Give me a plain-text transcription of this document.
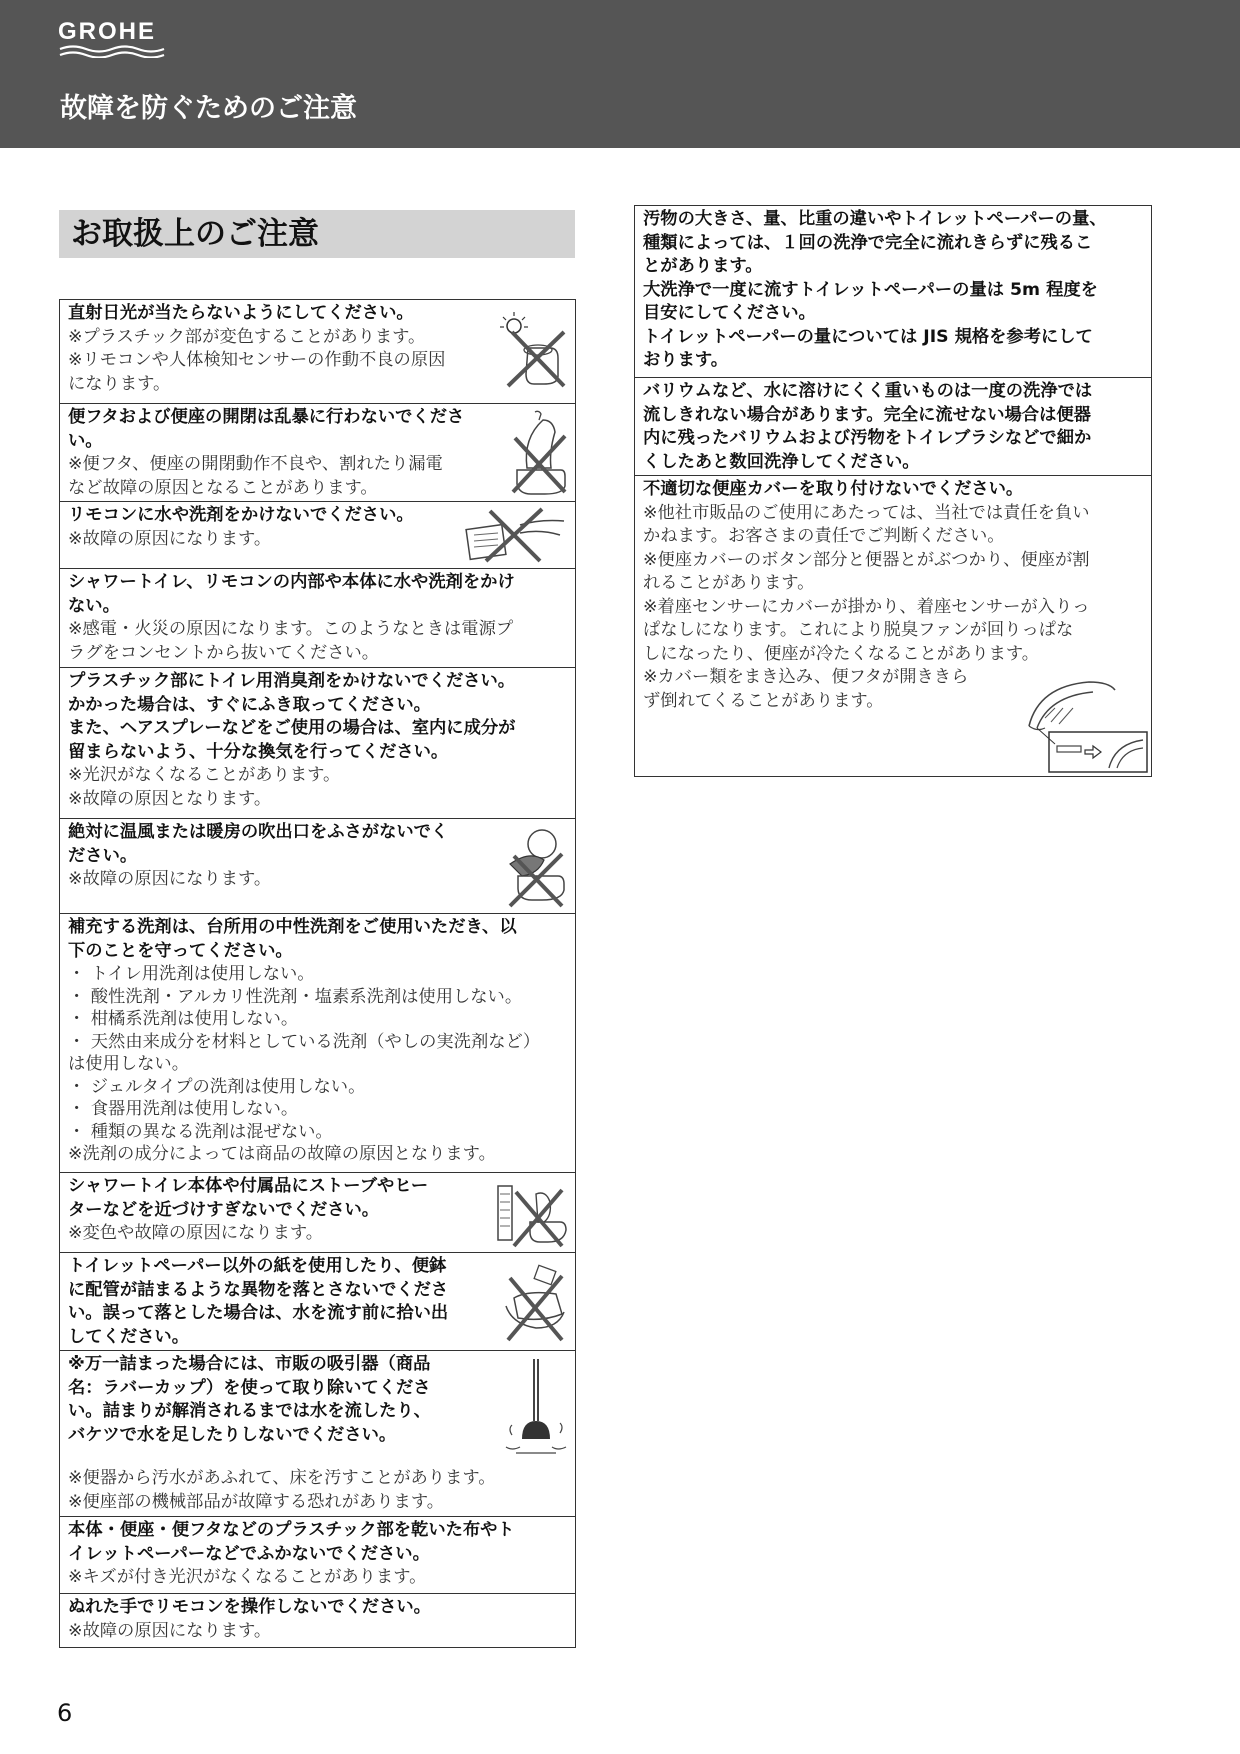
GROHE
故障を防ぐためのご注意
お取扱上のご注意
直射日光が当たらないようにしてください。
※プラスチック部が変色することがあります。
※リモコンや人体検知センサーの作動不良の原因
になります。
便フタおよび便座の開閉は乱暴に行わないでくださ
い。
※便フタ、便座の開閉動作不良や、割れたり漏電
など故障の原因となることがあります。
リモコンに水や洗剤をかけないでください。
※故障の原因になります。
シャワートイレ、リモコンの内部や本体に水や洗剤をかけ
ない。
※感電・火災の原因になります。このようなときは電源プ
ラグをコンセントから抜いてください。
プラスチック部にトイレ用消臭剤をかけないでください。
かかった場合は、すぐにふき取ってください。
また、ヘアスプレーなどをご使用の場合は、室内に成分が
留まらないよう、十分な換気を行ってください。
※光沢がなくなることがあります。
※故障の原因となります。
絶対に温風または暖房の吹出口をふさがないでく
ださい。
※故障の原因になります。
補充する洗剤は、台所用の中性洗剤をご使用いただき、以
下のことを守ってください。
・ トイレ用洗剤は使用しない。
・ 酸性洗剤・アルカリ性洗剤・塩素系洗剤は使用しない。
・ 柑橘系洗剤は使用しない。
・ 天然由来成分を材料としている洗剤（やしの実洗剤など）
は使用しない。
・ ジェルタイプの洗剤は使用しない。
・ 食器用洗剤は使用しない。
・ 種類の異なる洗剤は混ぜない。
※洗剤の成分によっては商品の故障の原因となります。
シャワートイレ本体や付属品にストーブやヒー
ターなどを近づけすぎないでください。
※変色や故障の原因になります。
トイレットペーパー以外の紙を使用したり、便鉢
に配管が詰まるような異物を落とさないでくださ
い。誤って落とした場合は、水を流す前に拾い出
してください。
※万一詰まった場合には、市販の吸引器（商品
名：ラバーカップ）を使って取り除いてくださ
い。詰まりが解消されるまでは水を流したり、
バケツで水を足したりしないでください。
※便器から汚水があふれて、床を汚すことがあります。
※便座部の機械部品が故障する恐れがあります。
本体・便座・便フタなどのプラスチック部を乾いた布やト
イレットペーパーなどでふかないでください。
※キズが付き光沢がなくなることがあります。
ぬれた手でリモコンを操作しないでください。
※故障の原因になります。
汚物の大きさ、量、比重の違いやトイレットペーパーの量、
種類によっては、１回の洗浄で完全に流れきらずに残るこ
とがあります。
大洗浄で一度に流すトイレットペーパーの量は 5m 程度を
目安にしてください。
トイレットペーパーの量については JIS 規格を参考にして
おります。
バリウムなど、水に溶けにくく重いものは一度の洗浄では
流しきれない場合があります。完全に流せない場合は便器
内に残ったバリウムおよび汚物をトイレブラシなどで細か
くしたあと数回洗浄してください。
不適切な便座カバーを取り付けないでください。
※他社市販品のご使用にあたっては、当社では責任を負い
かねます。お客さまの責任でご判断ください。
※便座カバーのボタン部分と便器とがぶつかり、便座が割
れることがあります。
※着座センサーにカバーが掛かり、着座センサーが入りっ
ぱなしになります。これにより脱臭ファンが回りっぱな
しになったり、便座が冷たくなることがあります。
※カバー類をまき込み、便フタが開ききら
ず倒れてくることがあります。
6
